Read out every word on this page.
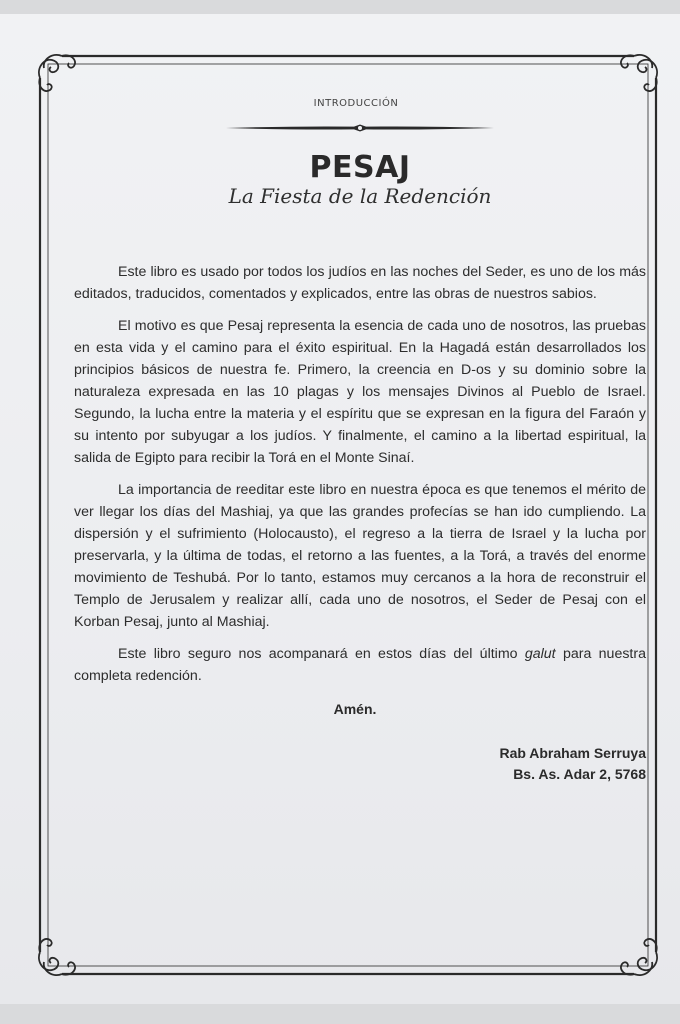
INTRODUCCIÓN
PESAJ
La Fiesta de la Redención

Este libro es usado por todos los judíos en las noches del Seder, es uno de los más editados, traducidos, comentados y explicados, entre las obras de nuestros sabios.

El motivo es que Pesaj representa la esencia de cada uno de nosotros, las pruebas en esta vida y el camino para el éxito espiritual. En la Hagadá están desarrollados los principios básicos de nuestra fe. Primero, la creencia en D-os y su dominio sobre la naturaleza expresada en las 10 plagas y los mensajes Divinos al Pueblo de Israel. Segundo, la lucha entre la materia y el espíritu que se expresan en la figura del Faraón y su intento por subyugar a los judíos. Y finalmente, el camino a la libertad espiritual, la salida de Egipto para recibir la Torá en el Monte Sinaí.

La importancia de reeditar este libro en nuestra época es que tenemos el mérito de ver llegar los días del Mashiaj, ya que las grandes profecías se han ido cumpliendo. La dispersión y el sufrimiento (Holocausto), el regreso a la tierra de Israel y la lucha por preservarla, y la última de todas, el retorno a las fuentes, a la Torá, a través del enorme movimiento de Teshubá. Por lo tanto, estamos muy cercanos a la hora de reconstruir el Templo de Jerusalem y realizar allí, cada uno de nosotros, el Seder de Pesaj con el Korban Pesaj, junto al Mashiaj.

Este libro seguro nos acompanará en estos días del último galut para nuestra completa redención.

Amén.
Rab Abraham Serruya
Bs. As. Adar 2, 5768
